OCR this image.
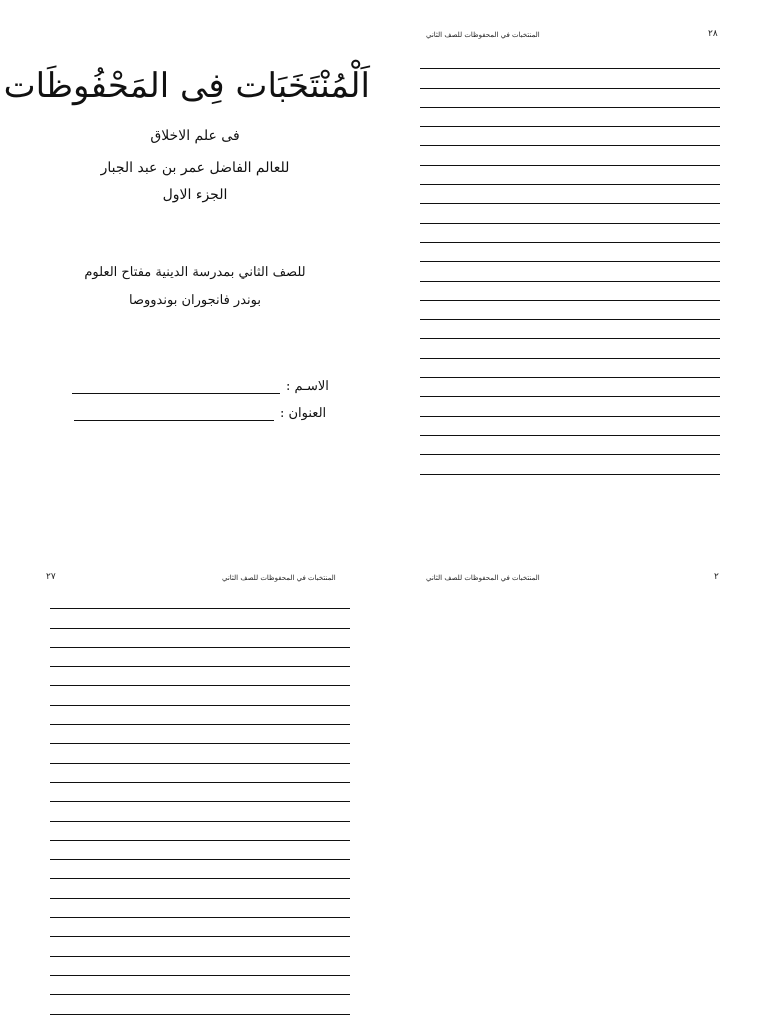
اَلْمُنْتَخَبَات فِى المَحْفُوظَات
فى علم الاخلاق
للعالم الفاضل عمر بن عبد الجبار
الجزء الاول
للصف الثاني بمدرسة الدينية مفتاح العلوم
بوندر فانجوران بوندووصا
الاسـم :
العنوان :
المنتخبات في المحفوظات للصف الثاني	٢٨
المنتخبات في المحفوظات للصف الثاني
٢٧	المنتخبات في المحفوظات للصف الثاني	٢
